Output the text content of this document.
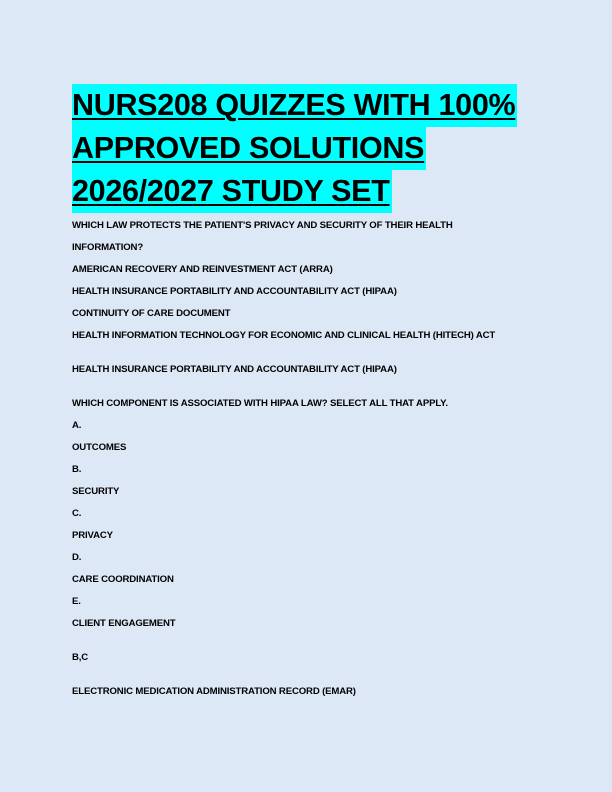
NURS208 QUIZZES WITH 100%
APPROVED SOLUTIONS
2026/2027 STUDY SET
WHICH LAW PROTECTS THE PATIENT'S PRIVACY AND SECURITY OF THEIR HEALTH
INFORMATION?
AMERICAN RECOVERY AND REINVESTMENT ACT (ARRA)
HEALTH INSURANCE PORTABILITY AND ACCOUNTABILITY ACT (HIPAA)
CONTINUITY OF CARE DOCUMENT
HEALTH INFORMATION TECHNOLOGY FOR ECONOMIC AND CLINICAL HEALTH (HITECH) ACT
HEALTH INSURANCE PORTABILITY AND ACCOUNTABILITY ACT (HIPAA)
WHICH COMPONENT IS ASSOCIATED WITH HIPAA LAW? SELECT ALL THAT APPLY.
A.
OUTCOMES
B.
SECURITY
C.
PRIVACY
D.
CARE COORDINATION
E.
CLIENT ENGAGEMENT
B,C
ELECTRONIC MEDICATION ADMINISTRATION RECORD (EMAR)
